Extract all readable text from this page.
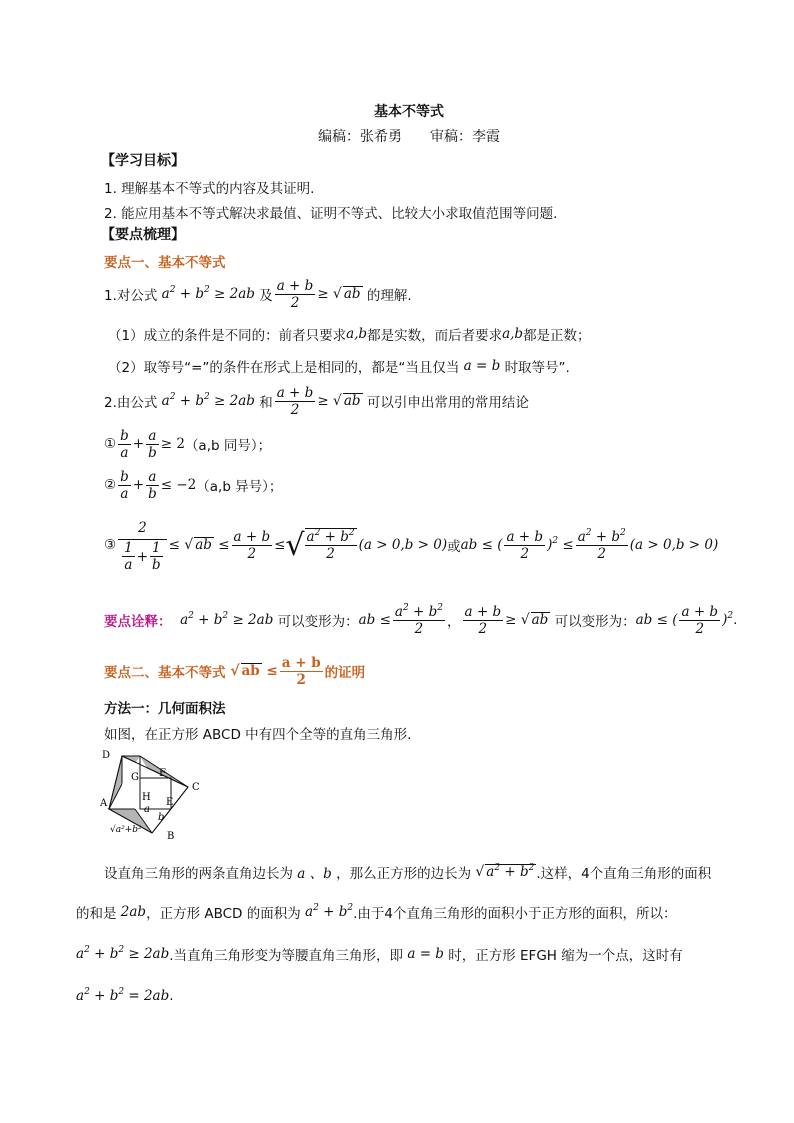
基本不等式
编稿：张希勇　　审稿：李霞
【学习目标】
1. 理解基本不等式的内容及其证明.
2. 能应用基本不等式解决求最值、证明不等式、比较大小求取值范围等问题.
【要点梳理】
要点一、基本不等式
1.对公式 $a^2 + b^2 \ge 2ab$ 及 $\frac{a + b}{2}$ ≥ √ ab 的理解.
（1）成立的条件是不同的：前者只要求 a,b 都是实数，而后者要求 a,b 都是正数；
（2）取等号“=”的条件在形式上是相同的，都是“当且仅当 a = b 时取等号”.
2.由公式 $a^2 + b^2 \ge 2ab$ 和 $\frac{a + b}{2}$ ≥ √ ab 可以引申出常用的常用结论
① $\frac{b}{a} + \frac{a}{b} \ge 2$ （a,b 同号）；
② $\frac{b}{a} + \frac{a}{b} \le -2$ （a,b 异号）；
③ $\frac{2}{\frac{1}{a} + \frac{1}{b}}$ ≤ √ ab ≤ $\frac{a + b}{2}$ ≤ √ $\frac{a^2 + b^2}{2} (a > 0,b > 0)$ 或 ab ≤ ( $\frac{a + b}{2} )^2 \le \frac{a^2 + b^2}{2} (a > 0,b > 0)$
要点诠释： $a^2 + b^2 \ge 2ab$ 可以变形为： ab ≤ $\frac{a^2 + b^2}{2}$ ， $\frac{a + b}{2}$ ≥ √ ab 可以变形为： ab ≤ ( $\frac{a + b}{2} )^2$ .
要点二、基本不等式 √ ab ≤ $\frac{a + b}{2}$ 的证明
方法一：几何面积法
如图，在正方形 ABCD 中有四个全等的直角三角形.
D
G F
C
A
H E
B
a
b
√a²+b²
设直角三角形的两条直角边长为 a 、b ，那么正方形的边长为 √ $a^2 + b^2$ .这样，4个直角三角形的面积
的和是 2ab ，正方形 ABCD 的面积为 $a^2 + b^2$ .由于4个直角三角形的面积小于正方形的面积，所以：
$a^2 + b^2 \ge 2ab$ .当直角三角形变为等腰直角三角形，即 a = b 时，正方形 EFGH 缩为一个点，这时有
$a^2 + b^2 = 2ab$ .
